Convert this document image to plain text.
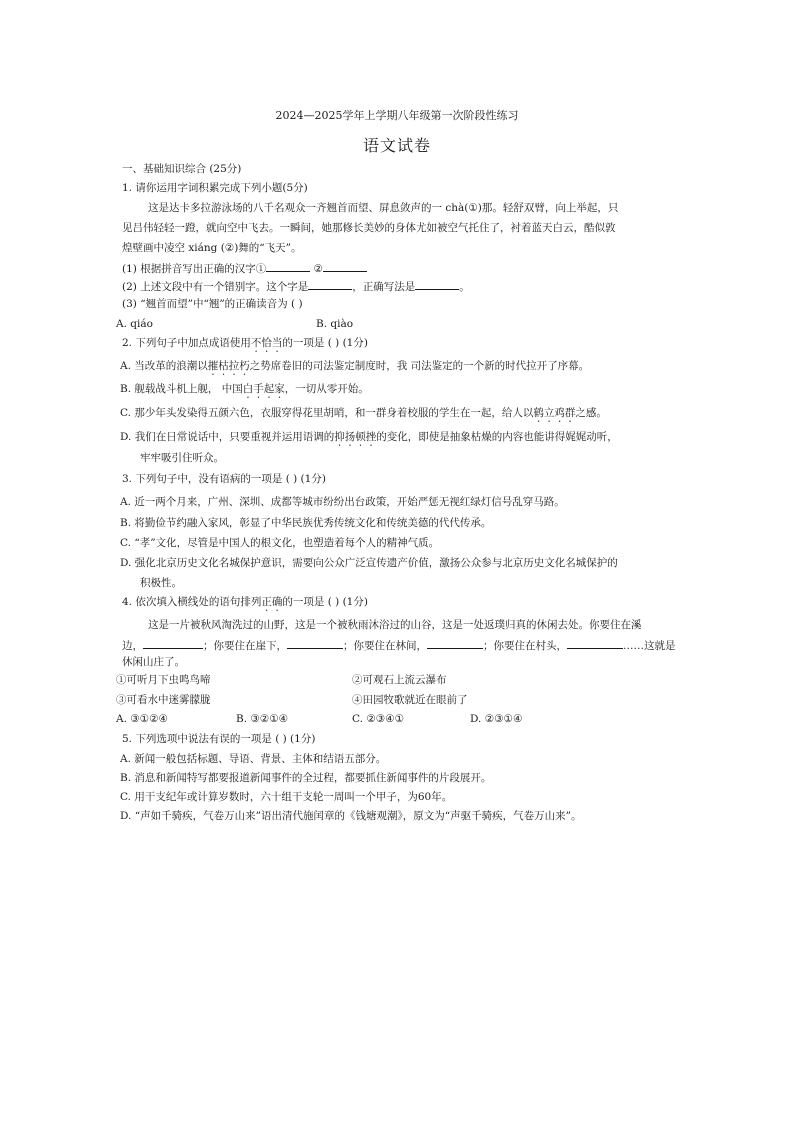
2024—2025学年上学期八年级第一次阶段性练习
语文试卷
一、基础知识综合 (25分)
1. 请你运用字词积累完成下列小题(5分)
这是达卡多拉游泳场的八千名观众一齐翘首而望、屏息敛声的一 chà(①)那。轻舒双臂，向上举起，只
见吕伟轻轻一蹬，就向空中飞去。一瞬间，她那修长美妙的身体尤如被空气托住了，衬着蓝天白云，酷似敦
煌壁画中凌空 xiáng (②)舞的“飞天”。
(1) 根据拼音写出正确的汉字①	②
(2) 上述文段中有一个错别字。这个字是	，正确写法是	。
(3) “翘首而望”中“翘”的正确读音为 ( )
A. qiáo	B. qiào
2. 下列句子中加点成语使用不恰当的一项是 ( ) (1分)
A. 当改革的浪潮以摧枯拉朽之势席卷旧的司法鉴定制度时，我 司法鉴定的一个新的时代拉开了序幕。
B. 舰载战斗机上舰， 中国白手起家，一切从零开始。
C. 那少年头发染得五颜六色，衣服穿得花里胡哨，和一群身着校服的学生在一起，给人以鹤立鸡群之感。
D. 我们在日常说话中，只要重视并运用语调的抑扬顿挫的变化，即使是抽象枯燥的内容也能讲得娓娓动听，
牢牢吸引住听众。
3. 下列句子中，没有语病的一项是 ( ) (1分)
A. 近一两个月来，广州、深圳、成都等城市纷纷出台政策，开始严惩无视红绿灯信号乱穿马路。
B. 将勤俭节约融入家风，彰显了中华民族优秀传统文化和传统美德的代代传承。
C. “孝”文化，尽管是中国人的根文化，也塑造着每个人的精神气质。
D. 强化北京历史文化名城保护意识，需要向公众广泛宣传遗产价值，激扬公众参与北京历史文化名城保护的
积极性。
4. 依次填入横线处的语句排列正确的一项是 ( ) (1分)
这是一片被秋风淘洗过的山野，这是一个被秋雨沐浴过的山谷，这是一处返璞归真的休闲去处。你要住在溪
边，	；你要住在崖下，	；你要住在林间，	；你要住在村头，	……这就是
休闲山庄了。
①可听月下虫鸣鸟啼	②可观石上流云瀑布
③可看水中迷雾朦胧	④田园牧歌就近在眼前了
A. ③①②④	B. ③②①④	C. ②③④①	D. ②③①④
5. 下列选项中说法有误的一项是 ( ) (1分)
A. 新闻一般包括标题、导语、背景、主体和结语五部分。
B. 消息和新闻特写都要报道新闻事件的全过程，都要抓住新闻事件的片段展开。
C. 用干支纪年或计算岁数时，六十组干支轮一周叫一个甲子，为60年。
D. “声如千骑疾，气卷万山来”语出清代施闰章的《钱塘观潮》，原文为“声驱千骑疾，气卷万山来”。
